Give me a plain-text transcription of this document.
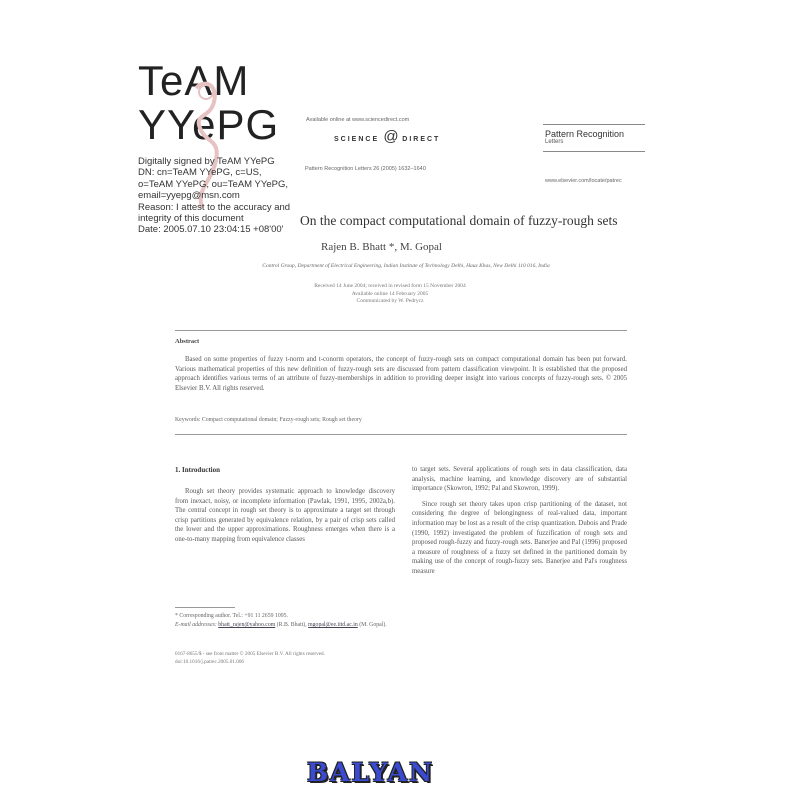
TeAM
YYePG
Digitally signed by TeAM YYePG
DN: cn=TeAM YYePG, c=US, o=TeAM YYePG, ou=TeAM YYePG, email=yyepg@msn.com
Reason: I attest to the accuracy and integrity of this document
Date: 2005.07.10 23:04:15 +08'00'
Available online at www.sciencedirect.com
SCIENCE @ DIRECT
Pattern Recognition Letters 26 (2005) 1632–1640
Pattern Recognition
Letters
www.elsevier.com/locate/patrec
On the compact computational domain of fuzzy-rough sets
Rajen B. Bhatt *, M. Gopal
Control Group, Department of Electrical Engineering, Indian Institute of Technology Delhi, Hauz Khas, New Delhi 110 016, India
Received 14 June 2004; received in revised form 15 November 2004
Available online 14 February 2005
Communicated by W. Pedrycz
Abstract
Based on some properties of fuzzy t-norm and t-conorm operators, the concept of fuzzy-rough sets on compact computational domain has been put forward. Various mathematical properties of this new definition of fuzzy-rough sets are discussed from pattern classification viewpoint. It is established that the proposed approach identifies various terms of an attribute of fuzzy-memberships in addition to providing deeper insight into various concepts of fuzzy-rough sets. © 2005 Elsevier B.V. All rights reserved.
Keywords: Compact computational domain; Fuzzy-rough sets; Rough set theory
1. Introduction

Rough set theory provides systematic approach to knowledge discovery from inexact, noisy, or incomplete information (Pawlak, 1991, 1995, 2002a,b). The central concept in rough set theory is to approximate a target set through crisp partitions generated by equivalence relation, by a pair of crisp sets called the lower and the upper approximations. Roughness emerges when there is a one-to-many mapping from equivalence classes

to target sets. Several applications of rough sets in data classification, data analysis, machine learning, and knowledge discovery are of substantial importance (Skowron, 1992; Pal and Skowron, 1999).

Since rough set theory takes upon crisp partitioning of the dataset, not considering the degree of belongingness of real-valued data, important information may be lost as a result of the crisp quantization. Dubois and Prade (1990, 1992) investigated the problem of fuzzification of rough sets and proposed rough-fuzzy and fuzzy-rough sets. Banerjee and Pal (1996) proposed a measure of roughness of a fuzzy set defined in the partitioned domain by making use of the concept of rough-fuzzy sets. Banerjee and Pal's roughness measure

* Corresponding author. Tel.: +91 11 2659 1095.
E-mail addresses: bhatt_rajen@yahoo.com (R.B. Bhatt), mgopal@ee.iitd.ac.in (M. Gopal).
0167-8655/$ - see front matter © 2005 Elsevier B.V. All rights reserved.
doi:10.1016/j.patrec.2005.01.006
BALYAN
